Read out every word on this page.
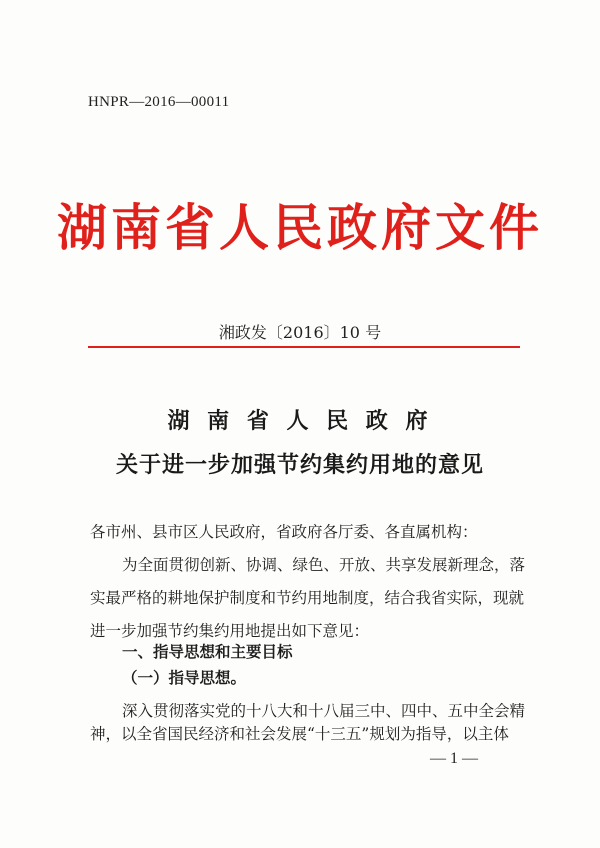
HNPR—2016—00011
湖南省人民政府文件
湘政发〔2016〕10 号
湖 南 省 人 民 政 府
关于进一步加强节约集约用地的意见
各市州、县市区人民政府，省政府各厅委、各直属机构：
为全面贯彻创新、协调、绿色、开放、共享发展新理念，落
实最严格的耕地保护制度和节约用地制度，结合我省实际，现就
进一步加强节约集约用地提出如下意见：
一、指导思想和主要目标
（一）指导思想。
深入贯彻落实党的十八大和十八届三中、四中、五中全会精
神，以全省国民经济和社会发展“十三五”规划为指导，以主体
— 1 —
